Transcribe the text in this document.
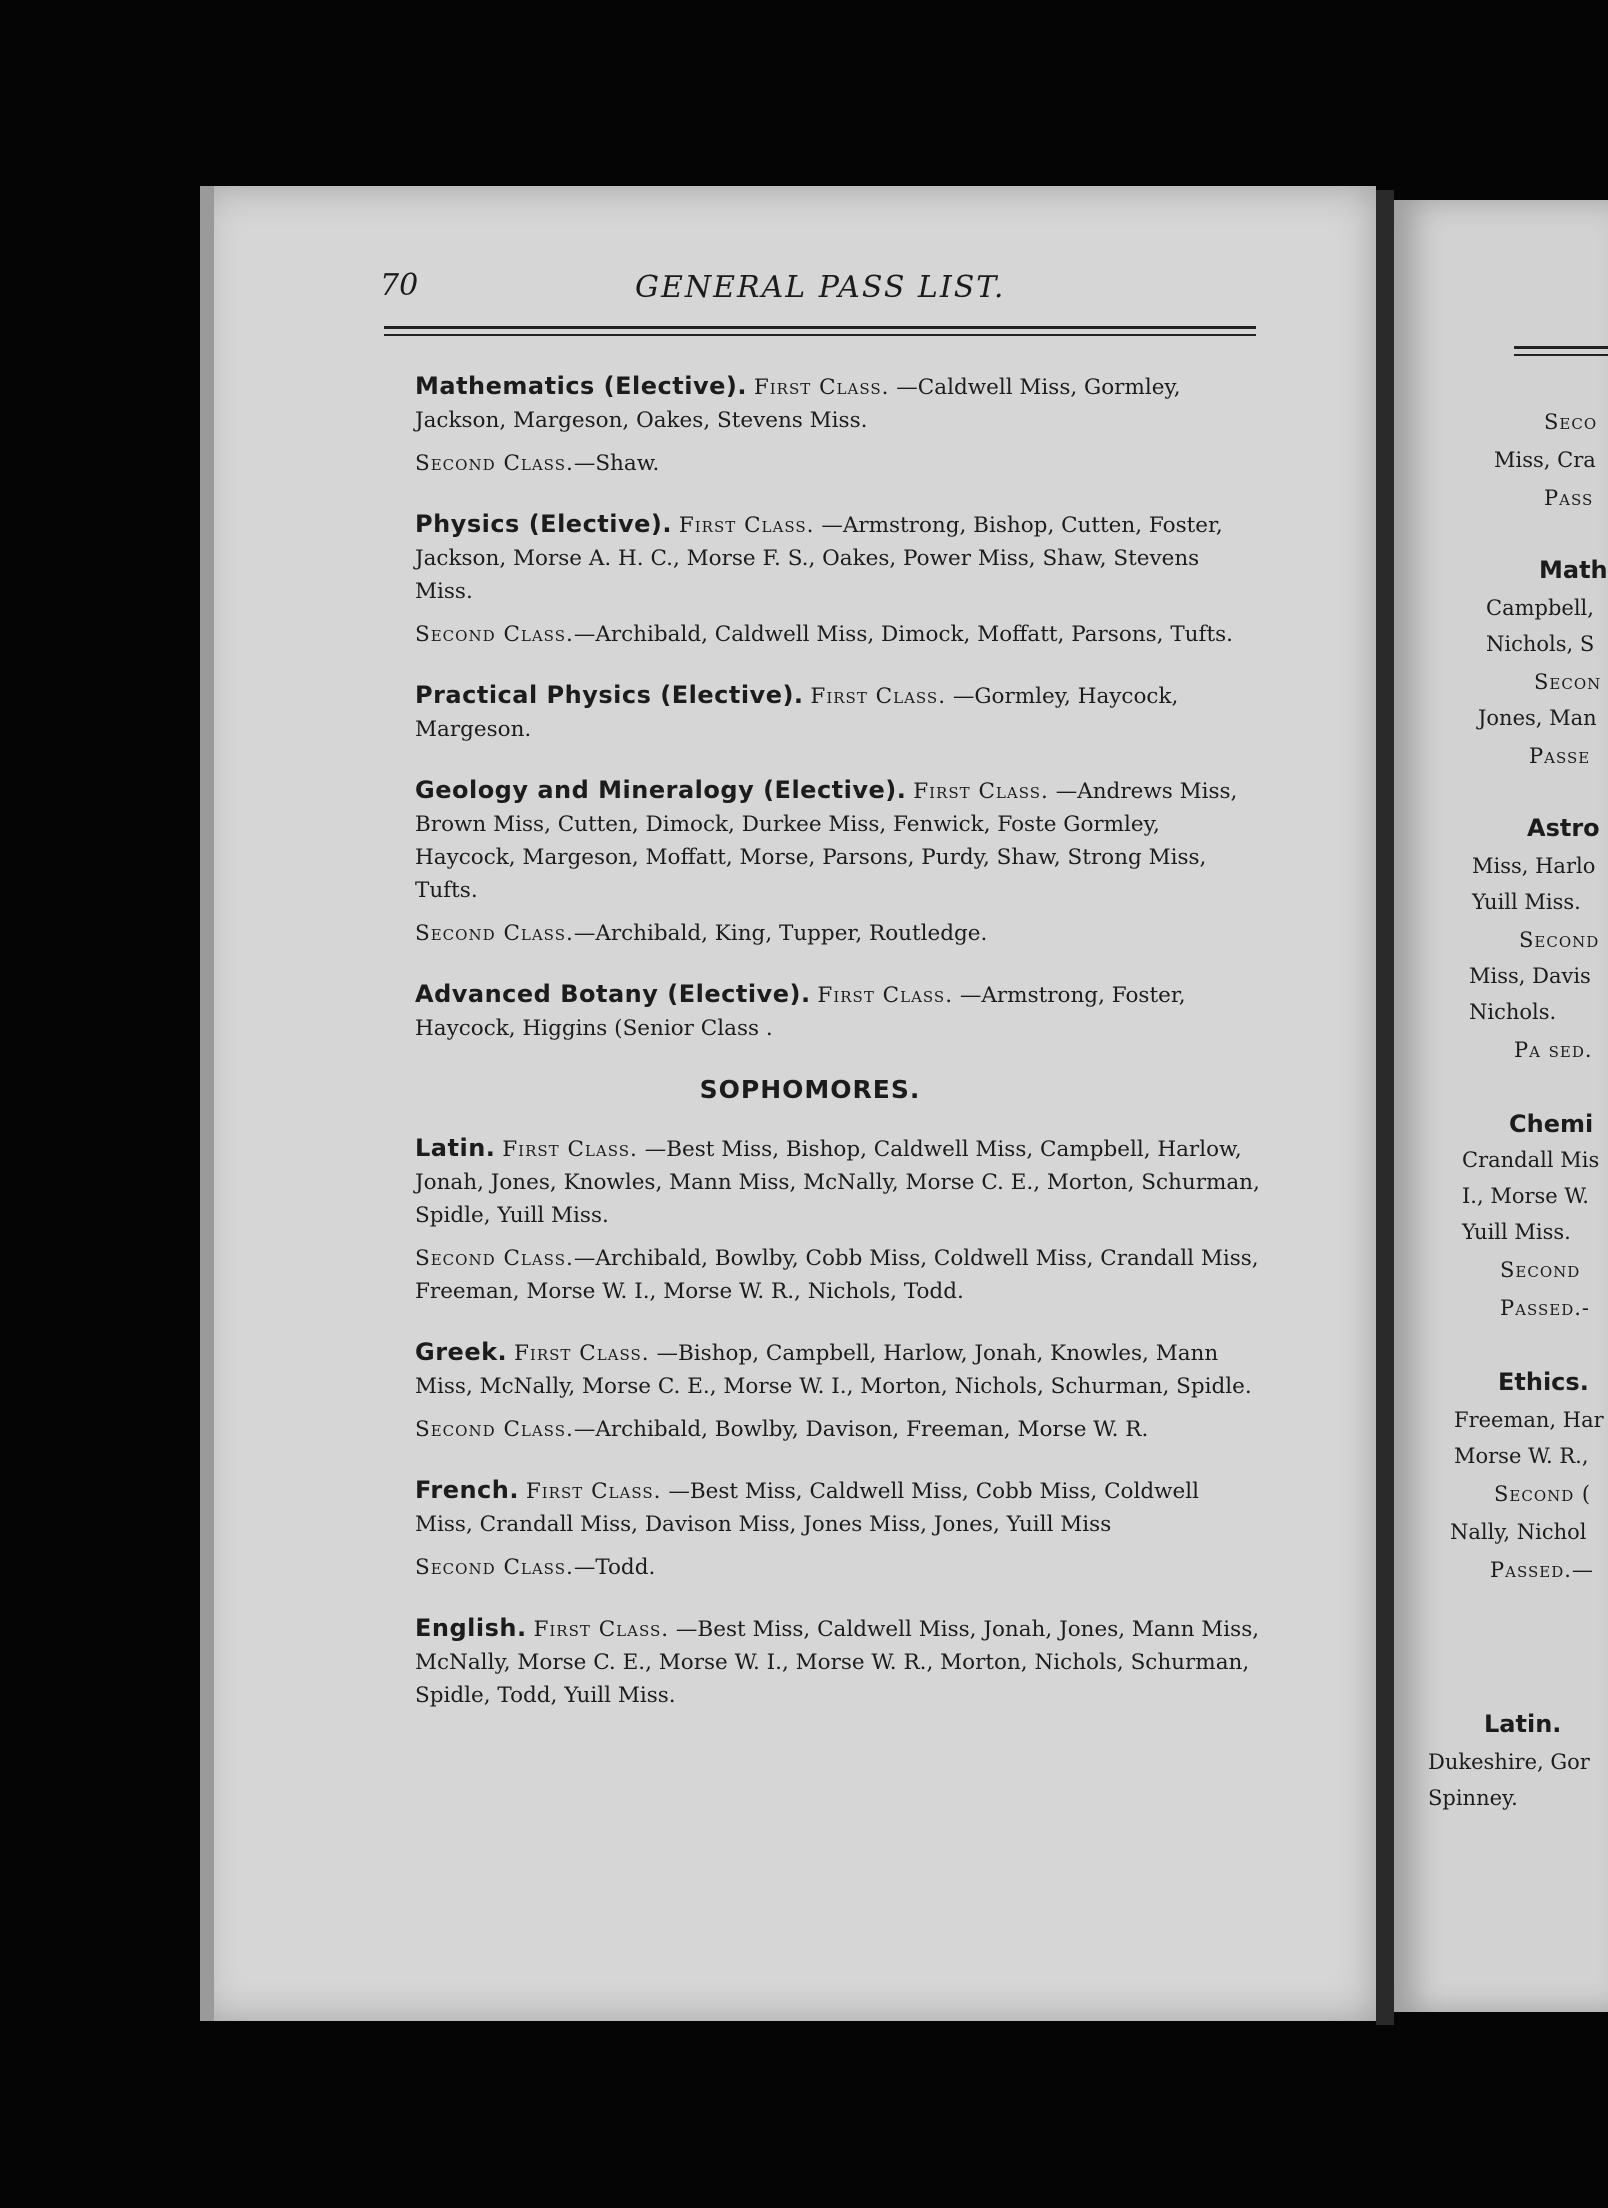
70	GENERAL PASS LIST.

Mathematics (Elective). First Class. —Caldwell Miss, Gormley, Jackson, Margeson, Oakes, Stevens Miss.

Second Class.—Shaw.

Physics (Elective). First Class. —Armstrong, Bishop, Cutten, Foster, Jackson, Morse A. H. C., Morse F. S., Oakes, Power Miss, Shaw, Stevens Miss.

Second Class.—Archibald, Caldwell Miss, Dimock, Moffatt, Parsons, Tufts.

Practical Physics (Elective). First Class. —Gormley, Haycock, Margeson.

Geology and Mineralogy (Elective). First Class. —Andrews Miss, Brown Miss, Cutten, Dimock, Durkee Miss, Fenwick, Foste Gormley, Haycock, Margeson, Moffatt, Morse, Parsons, Purdy, Shaw, Strong Miss, Tufts.

Second Class.—Archibald, King, Tupper, Routledge.

Advanced Botany (Elective). First Class. —Armstrong, Foster, Haycock, Higgins (Senior Class .

SOPHOMORES.

Latin. First Class. —Best Miss, Bishop, Caldwell Miss, Campbell, Harlow, Jonah, Jones, Knowles, Mann Miss, McNally, Morse C. E., Morton, Schurman, Spidle, Yuill Miss.

Second Class.—Archibald, Bowlby, Cobb Miss, Coldwell Miss, Crandall Miss, Freeman, Morse W. I., Morse W. R., Nichols, Todd.

Greek. First Class. —Bishop, Campbell, Harlow, Jonah, Knowles, Mann Miss, McNally, Morse C. E., Morse W. I., Morton, Nichols, Schurman, Spidle.

Second Class.—Archibald, Bowlby, Davison, Freeman, Morse W. R.

French. First Class. —Best Miss, Caldwell Miss, Cobb Miss, Coldwell Miss, Crandall Miss, Davison Miss, Jones Miss, Jones, Yuill Miss

Second Class.—Todd.

English. First Class. —Best Miss, Caldwell Miss, Jonah, Jones, Mann Miss, McNally, Morse C. E., Morse W. I., Morse W. R., Morton, Nichols, Schurman, Spidle, Todd, Yuill Miss.

Seco
Miss, Cra
Pass
Math
Campbell,
Nichols, S
Secon
Jones, Man
Passe
Astro
Miss, Harlo
Yuill Miss.
Second
Miss, Davis
Nichols.
Pa sed.
Chemi
Crandall Mis
I., Morse W.
Yuill Miss.
Second
Passed.-
Ethics.
Freeman, Har
Morse W. R.,
Second (
Nally, Nichol
Passed.—
Latin.
Dukeshire, Gor
Spinney.
